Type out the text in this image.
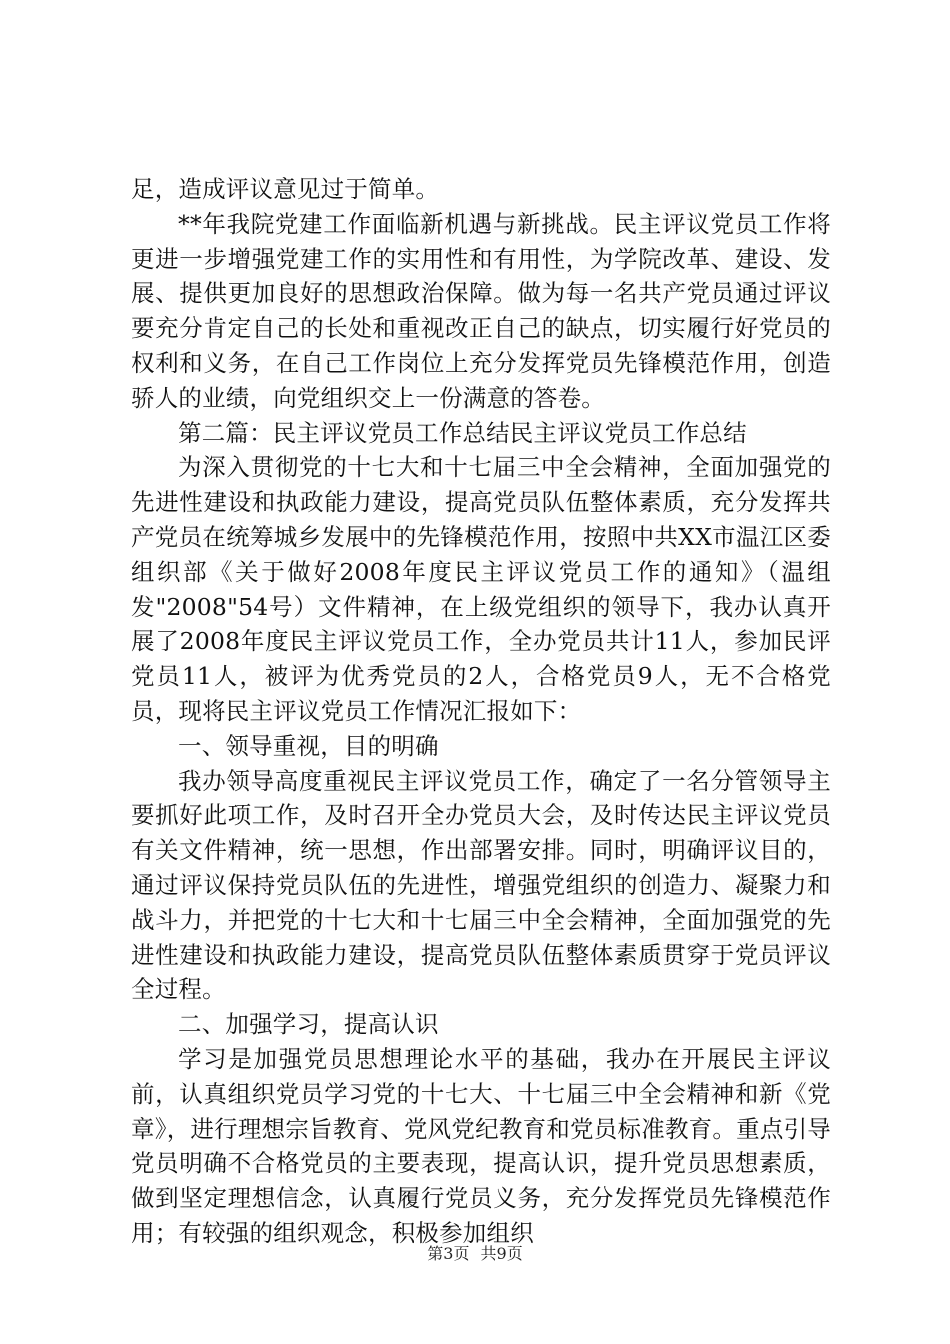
足，造成评议意见过于简单。

**年我院党建工作面临新机遇与新挑战。民主评议党员工作将更进一步增强党建工作的实用性和有用性，为学院改革、建设、发展、提供更加良好的思想政治保障。做为每一名共产党员通过评议要充分肯定自己的长处和重视改正自己的缺点，切实履行好党员的权利和义务，在自己工作岗位上充分发挥党员先锋模范作用，创造骄人的业绩，向党组织交上一份满意的答卷。

第二篇：民主评议党员工作总结民主评议党员工作总结

为深入贯彻党的十七大和十七届三中全会精神，全面加强党的先进性建设和执政能力建设，提高党员队伍整体素质，充分发挥共产党员在统筹城乡发展中的先锋模范作用，按照中共XX市温江区委组织部《关于做好2008年度民主评议党员工作的通知》（温组发"2008"54号）文件精神，在上级党组织的领导下，我办认真开展了2008年度民主评议党员工作，全办党员共计11人，参加民评党员11人，被评为优秀党员的2人，合格党员9人，无不合格党员，现将民主评议党员工作情况汇报如下：

一、领导重视，目的明确

我办领导高度重视民主评议党员工作，确定了一名分管领导主要抓好此项工作，及时召开全办党员大会，及时传达民主评议党员有关文件精神，统一思想，作出部署安排。同时，明确评议目的，通过评议保持党员队伍的先进性，增强党组织的创造力、凝聚力和战斗力，并把党的十七大和十七届三中全会精神，全面加强党的先进性建设和执政能力建设，提高党员队伍整体素质贯穿于党员评议全过程。

二、加强学习，提高认识

学习是加强党员思想理论水平的基础，我办在开展民主评议前，认真组织党员学习党的十七大、十七届三中全会精神和新《党章》，进行理想宗旨教育、党风党纪教育和党员标准教育。重点引导党员明确不合格党员的主要表现，提高认识，提升党员思想素质，做到坚定理想信念，认真履行党员义务，充分发挥党员先锋模范作用；有较强的组织观念，积极参加组织

第3页 共9页
